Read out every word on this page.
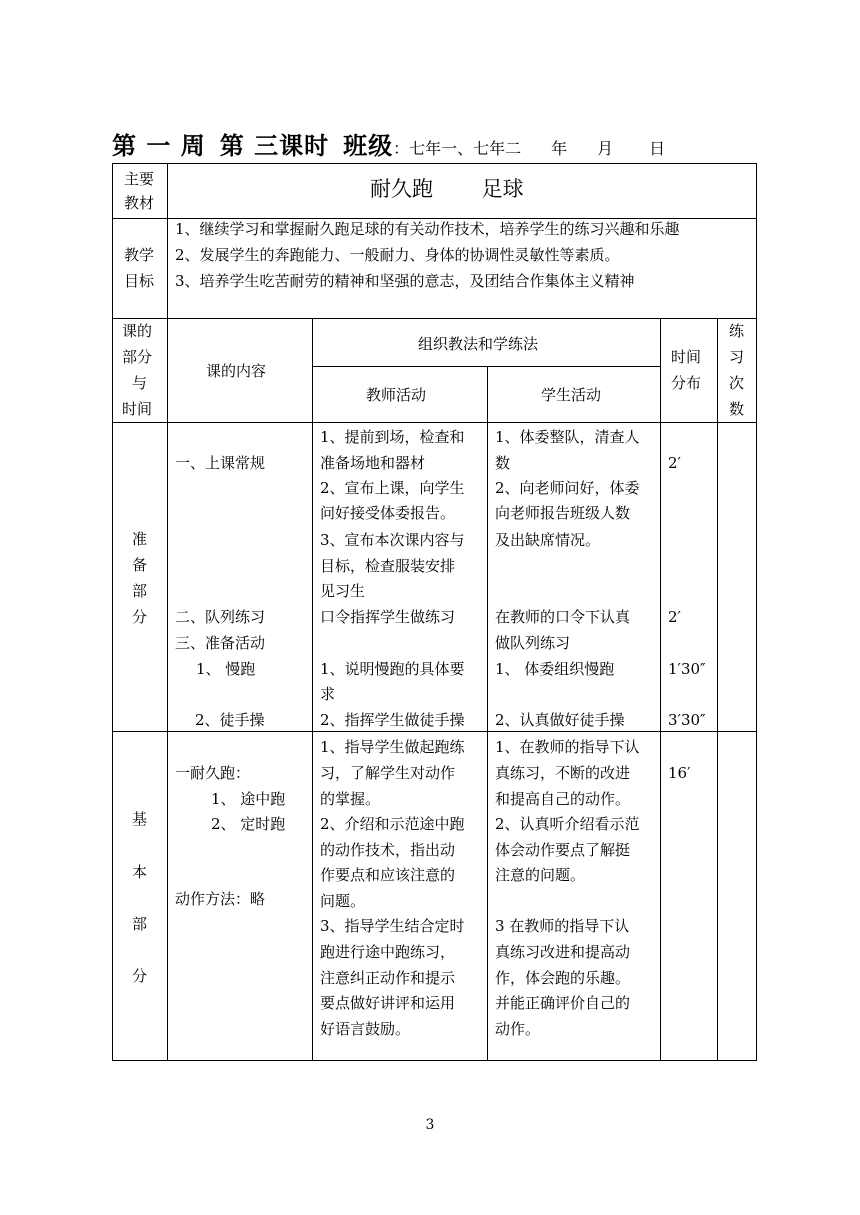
第 一 周 第 三课时 班级 ：七年一、七年二 年 月 日
主要
教材
耐久跑 　　足球
教学
目标
1、继续学习和掌握耐久跑足球的有关动作技术，培养学生的练习兴趣和乐趣
2、发展学生的奔跑能力、一般耐力、身体的协调性灵敏性等素质。
3、培养学生吃苦耐劳的精神和坚强的意志，及团结合作集体主义精神
课的
部分
与
时间
课的内容
组织教法和学练法
教师活动	学生活动
时间
分布
练
习
次
数
准
备
部
分
一、上课常规
二、队列练习
三、准备活动
1、 慢跑
2、徒手操
1、提前到场，检查和
准备场地和器材
2、宣布上课，向学生
问好接受体委报告。
3、宣布本次课内容与
目标，检查服装安排
见习生
口令指挥学生做练习
1、说明慢跑的具体要
求
2、指挥学生做徒手操
1、体委整队，清查人
数
2、向老师问好，体委
向老师报告班级人数
及出缺席情况。
在教师的口令下认真
做队列练习
1、 体委组织慢跑
2、认真做好徒手操
2′
2′
1′30″
3′30″
基
本
部
分
一耐久跑：
1、 途中跑
2、 定时跑
动作方法：略
1、指导学生做起跑练
习，了解学生对动作
的掌握。
2、介绍和示范途中跑
的动作技术，指出动
作要点和应该注意的
问题。
3、指导学生结合定时
跑进行途中跑练习，
注意纠正动作和提示
要点做好讲评和运用
好语言鼓励。
1、在教师的指导下认
真练习，不断的改进
和提高自己的动作。
2、认真听介绍看示范
体会动作要点了解挺
注意的问题。
3 在教师的指导下认
真练习改进和提高动
作，体会跑的乐趣。
并能正确评价自己的
动作。
16′
3
